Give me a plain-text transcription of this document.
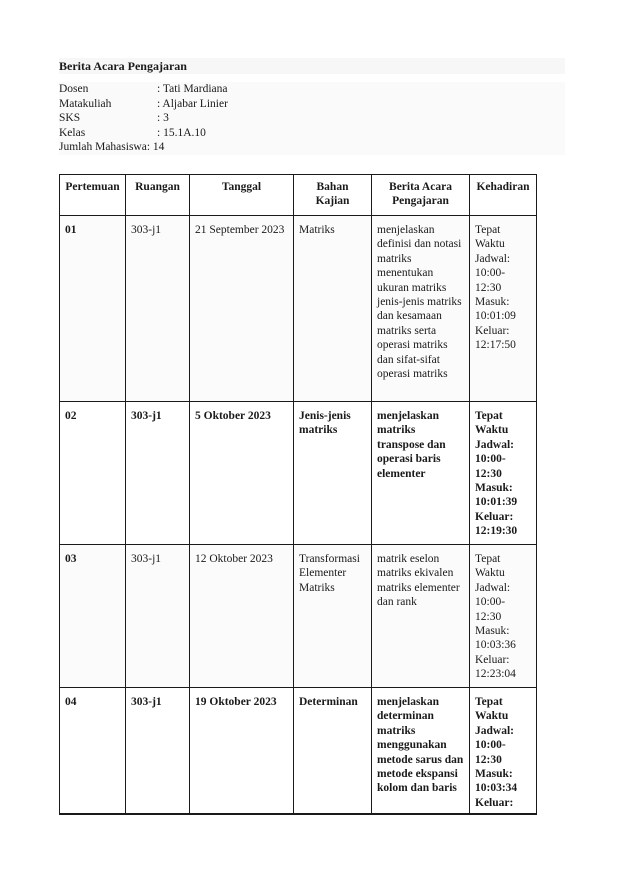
Berita Acara Pengajaran
Dosen	: Tati Mardiana
Matakuliah	: Aljabar Linier
SKS	: 3
Kelas	: 15.1A.10
Jumlah Mahasiswa: 14
Pertemuan	Ruangan	Tanggal	Bahan Kajian	Berita Acara Pengajaran	Kehadiran
01	303-j1	21 September 2023	Matriks	menjelaskan definisi dan notasi matriks menentukan ukuran matriks jenis-jenis matriks dan kesamaan matriks serta operasi matriks dan sifat-sifat operasi matriks	Tepat Waktu Jadwal: 10:00-12:30 Masuk: 10:01:09 Keluar: 12:17:50
02	303-j1	5 Oktober 2023	Jenis-jenis matriks	menjelaskan matriks transpose dan operasi baris elementer	Tepat Waktu Jadwal: 10:00-12:30 Masuk: 10:01:39 Keluar: 12:19:30
03	303-j1	12 Oktober 2023	Transformasi Elementer Matriks	matrik eselon matriks ekivalen matriks elementer dan rank	Tepat Waktu Jadwal: 10:00-12:30 Masuk: 10:03:36 Keluar: 12:23:04
04	303-j1	19 Oktober 2023	Determinan	menjelaskan determinan matriks menggunakan metode sarus dan metode ekspansi kolom dan baris	Tepat Waktu Jadwal: 10:00-12:30 Masuk: 10:03:34 Keluar:
